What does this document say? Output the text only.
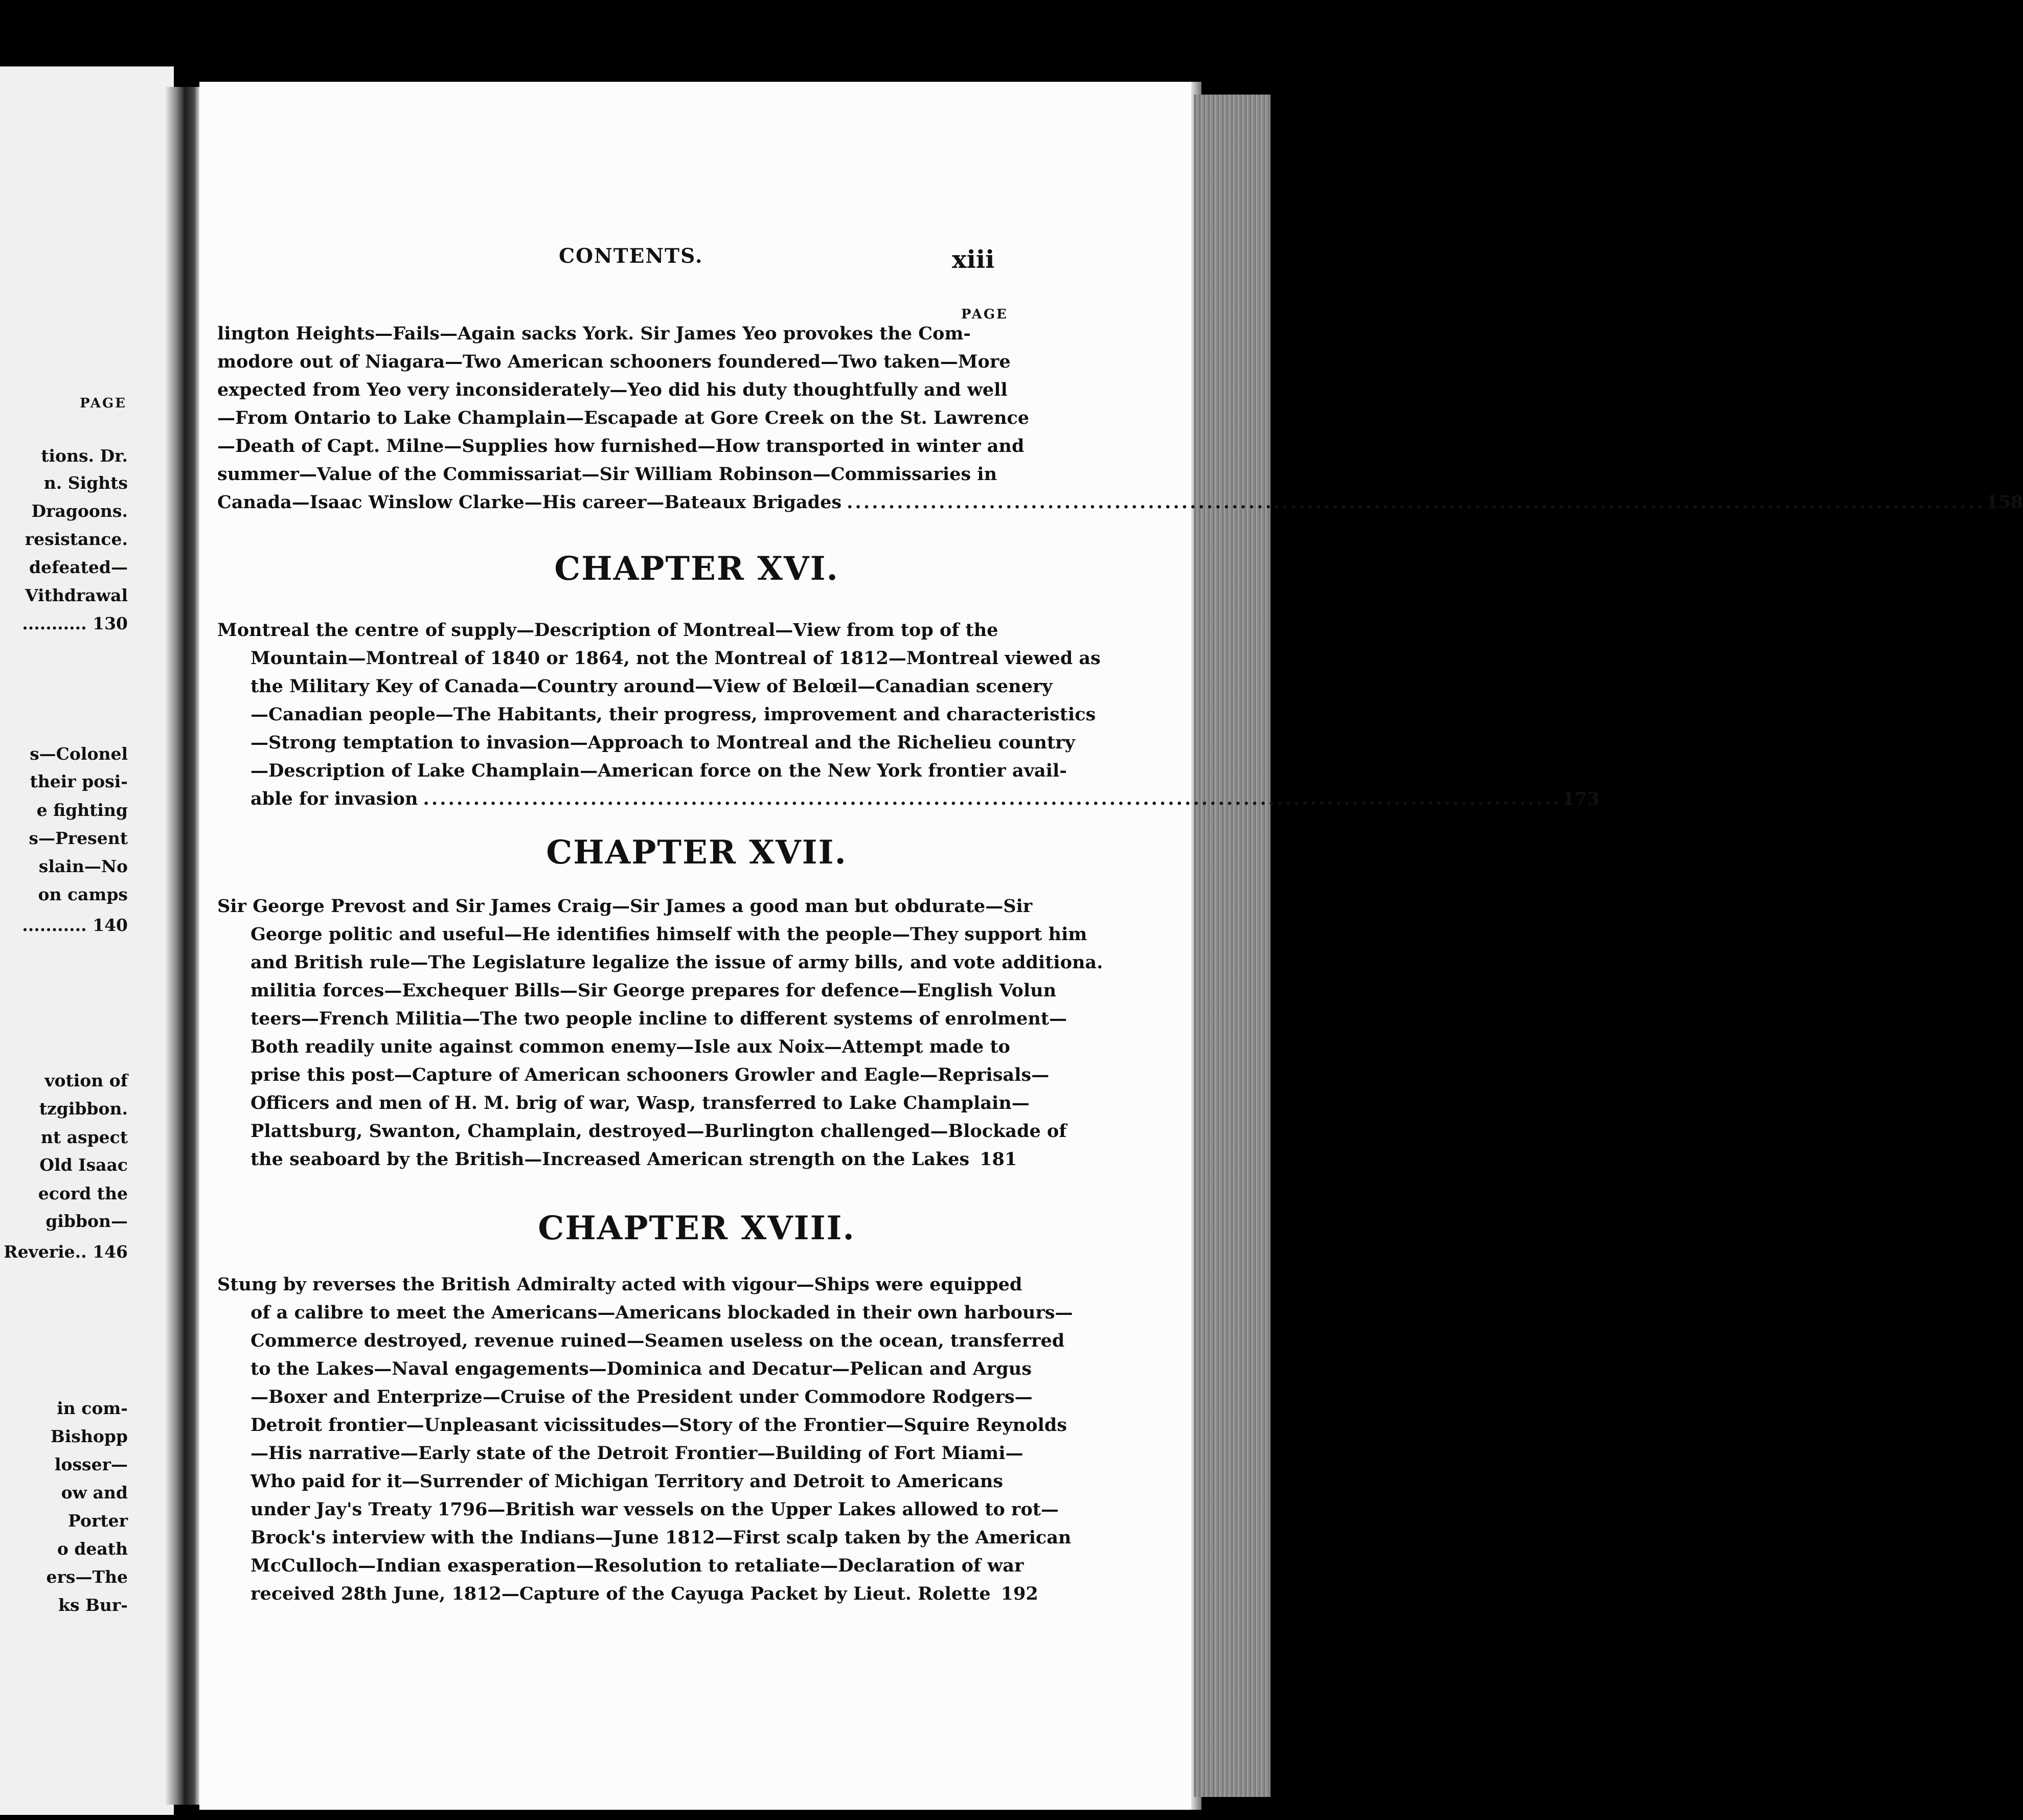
PAGE
tions. Dr.
n. Sights
Dragoons.
resistance.
defeated—
Vithdrawal
........... 130
s—Colonel
their posi-
e fighting
s—Present
slain—No
on camps
........... 140
votion of
tzgibbon.
nt aspect
Old Isaac
ecord the
gibbon—
Reverie.. 146
in com-
Bishopp
losser—
ow and
Porter
o death
ers—The
ks Bur-
CONTENTS.	xiii
PAGE
lington Heights—Fails—Again sacks York. Sir James Yeo provokes the Com-
modore out of Niagara—Two American schooners foundered—Two taken—More
expected from Yeo very inconsiderately—Yeo did his duty thoughtfully and well
—From Ontario to Lake Champlain—Escapade at Gore Creek on the St. Lawrence
—Death of Capt. Milne—Supplies how furnished—How transported in winter and
summer—Value of the Commissariat—Sir William Robinson—Commissaries in
Canada—Isaac Winslow Clarke—His career—Bateaux Brigades . . .	158
CHAPTER XVI.
Montreal the centre of supply—Description of Montreal—View from top of the
Mountain—Montreal of 1840 or 1864, not the Montreal of 1812—Montreal viewed as
the Military Key of Canada—Country around—View of Belœil—Canadian scenery
—Canadian people—The Habitants, their progress, improvement and characteristics
—Strong temptation to invasion—Approach to Montreal and the Richelieu country
—Description of Lake Champlain—American force on the New York frontier avail-
able for invasion . . .	173
CHAPTER XVII.
Sir George Prevost and Sir James Craig—Sir James a good man but obdurate—Sir
George politic and useful—He identifies himself with the people—They support him
and British rule—The Legislature legalize the issue of army bills, and vote additiona.
militia forces—Exchequer Bills—Sir George prepares for defence—English Volun
teers—French Militia—The two people incline to different systems of enrolment—
Both readily unite against common enemy—Isle aux Noix—Attempt made to
prise this post—Capture of American schooners Growler and Eagle—Reprisals—
Officers and men of H. M. brig of war, Wasp, transferred to Lake Champlain—
Plattsburg, Swanton, Champlain, destroyed—Burlington challenged—Blockade of
the seaboard by the British—Increased American strength on the Lakes 181
CHAPTER XVIII.
Stung by reverses the British Admiralty acted with vigour—Ships were equipped
of a calibre to meet the Americans—Americans blockaded in their own harbours—
Commerce destroyed, revenue ruined—Seamen useless on the ocean, transferred
to the Lakes—Naval engagements—Dominica and Decatur—Pelican and Argus
—Boxer and Enterprize—Cruise of the President under Commodore Rodgers—
Detroit frontier—Unpleasant vicissitudes—Story of the Frontier—Squire Reynolds
—His narrative—Early state of the Detroit Frontier—Building of Fort Miami—
Who paid for it—Surrender of Michigan Territory and Detroit to Americans
under Jay's Treaty 1796—British war vessels on the Upper Lakes allowed to rot—
Brock's interview with the Indians—June 1812—First scalp taken by the American
McCulloch—Indian exasperation—Resolution to retaliate—Declaration of war
received 28th June, 1812—Capture of the Cayuga Packet by Lieut. Rolette 192
